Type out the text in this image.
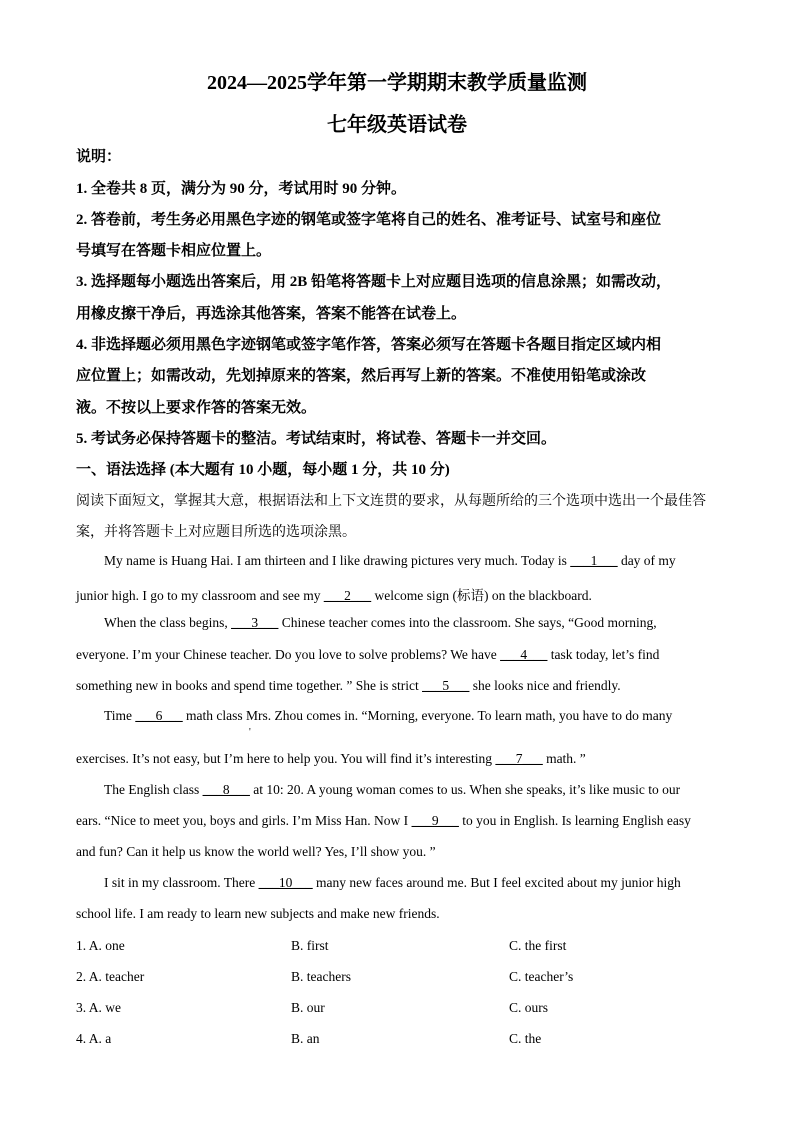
2024—2025学年第一学期期末教学质量监测
七年级英语试卷
说明：
1. 全卷共 8 页，满分为 90 分，考试用时 90 分钟。
2. 答卷前，考生务必用黑色字迹的钢笔或签字笔将自己的姓名、准考证号、试室号和座位
号填写在答题卡相应位置上。
3. 选择题每小题选出答案后，用 2B 铅笔将答题卡上对应题目选项的信息涂黑；如需改动，
用橡皮擦干净后，再选涂其他答案，答案不能答在试卷上。
4. 非选择题必须用黑色字迹钢笔或签字笔作答，答案必须写在答题卡各题目指定区域内相
应位置上；如需改动，先划掉原来的答案，然后再写上新的答案。不准使用铅笔或涂改
液。不按以上要求作答的答案无效。
5. 考试务必保持答题卡的整洁。考试结束时，将试卷、答题卡一并交回。
一、语法选择 (本大题有 10 小题，每小题 1 分，共 10 分)
阅读下面短文，掌握其大意，根据语法和上下文连贯的要求，从每题所给的三个选项中选出一个最佳答
案，并将答题卡上对应题目所选的选项涂黑。
My name is Huang Hai. I am thirteen and I like drawing pictures very much. Today is ___1___ day of my
junior high. I go to my classroom and see my ___2___ welcome sign (标语) on the blackboard.
When the class begins, ___3___ Chinese teacher comes into the classroom. She says, “Good morning,
everyone. I’m your Chinese teacher. Do you love to solve problems? We have ___4___ task today, let’s find
something new in books and spend time together. ” She is strict ___5___ she looks nice and friendly.
Time ___6___ math class Mrs. Zhou comes in. “Morning, everyone. To learn math, you have to do many
'
exercises. It’s not easy, but I’m here to help you. You will find it’s interesting ___7___ math. ”
The English class ___8___ at 10: 20. A young woman comes to us. When she speaks, it’s like music to our
ears. “Nice to meet you, boys and girls. I’m Miss Han. Now I ___9___ to you in English. Is learning English easy
and fun? Can it help us know the world well? Yes, I’ll show you. ”
I sit in my classroom. There ___10___ many new faces around me. But I feel excited about my junior high
school life. I am ready to learn new subjects and make new friends.
1. A. one	B. first	C. the first
2. A. teacher	B. teachers	C. teacher’s
3. A. we	B. our	C. ours
4. A. a	B. an	C. the
